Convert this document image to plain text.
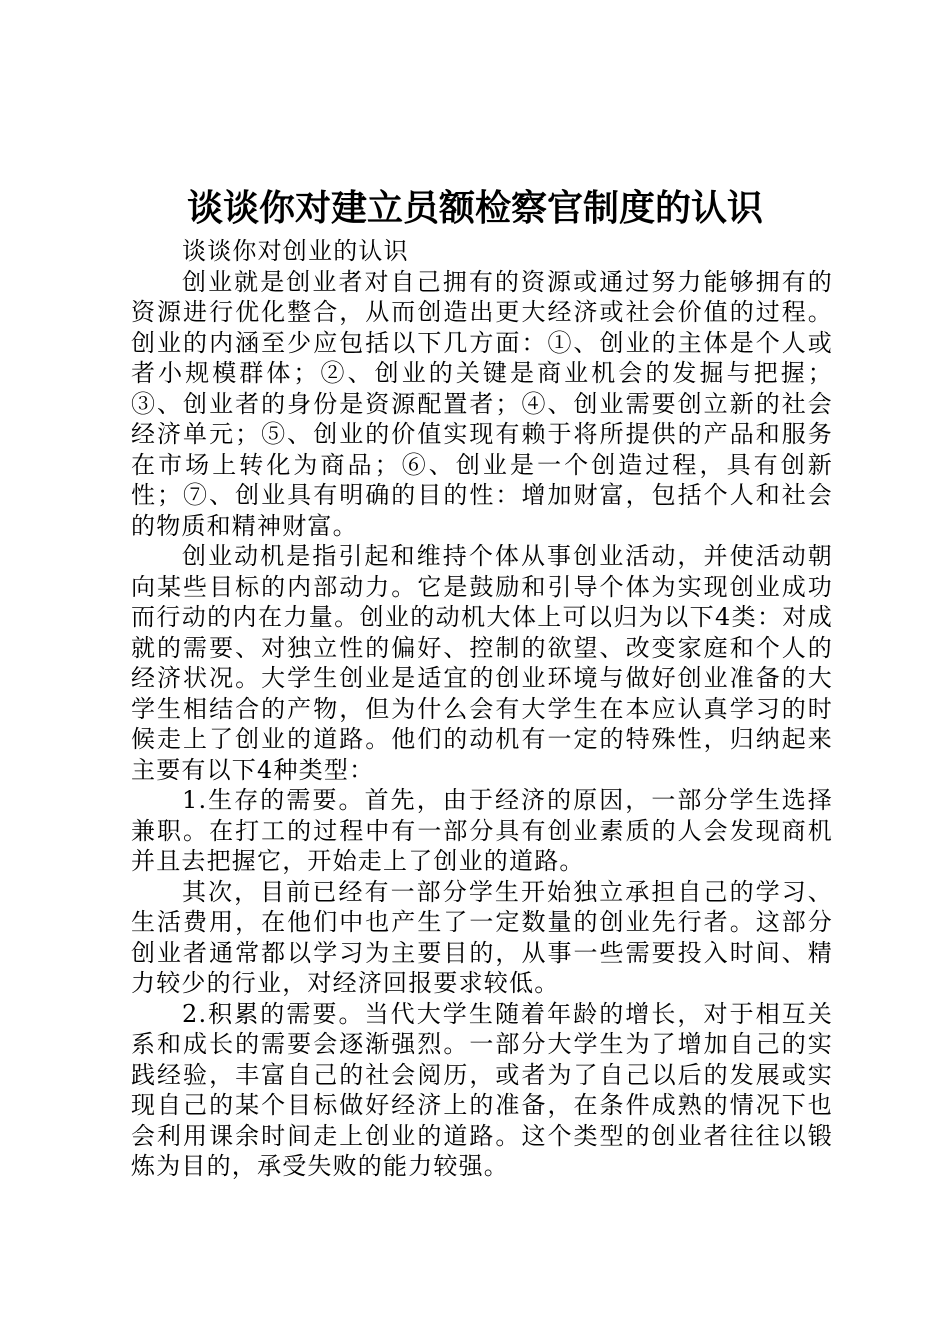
谈谈你对建立员额检察官制度的认识

谈谈你对创业的认识

创业就是创业者对自己拥有的资源或通过努力能够拥有的资源进行优化整合，从而创造出更大经济或社会价值的过程。创业的内涵至少应包括以下几方面：①、创业的主体是个人或者小规模群体；②、创业的关键是商业机会的发掘与把握；③、创业者的身份是资源配置者；④、创业需要创立新的社会经济单元；⑤、创业的价值实现有赖于将所提供的产品和服务在市场上转化为商品；⑥、创业是一个创造过程，具有创新性；⑦、创业具有明确的目的性：增加财富，包括个人和社会的物质和精神财富。

创业动机是指引起和维持个体从事创业活动，并使活动朝向某些目标的内部动力。它是鼓励和引导个体为实现创业成功而行动的内在力量。创业的动机大体上可以归为以下4类：对成就的需要、对独立性的偏好、控制的欲望、改变家庭和个人的经济状况。大学生创业是适宜的创业环境与做好创业准备的大学生相结合的产物，但为什么会有大学生在本应认真学习的时候走上了创业的道路。他们的动机有一定的特殊性，归纳起来主要有以下4种类型：

1.生存的需要。首先，由于经济的原因，一部分学生选择兼职。在打工的过程中有一部分具有创业素质的人会发现商机并且去把握它，开始走上了创业的道路。

其次，目前已经有一部分学生开始独立承担自己的学习、生活费用，在他们中也产生了一定数量的创业先行者。这部分创业者通常都以学习为主要目的，从事一些需要投入时间、精力较少的行业，对经济回报要求较低。

2.积累的需要。当代大学生随着年龄的增长，对于相互关系和成长的需要会逐渐强烈。一部分大学生为了增加自己的实践经验，丰富自己的社会阅历，或者为了自己以后的发展或实现自己的某个目标做好经济上的准备，在条件成熟的情况下也会利用课余时间走上创业的道路。这个类型的创业者往往以锻炼为目的，承受失败的能力较强。
